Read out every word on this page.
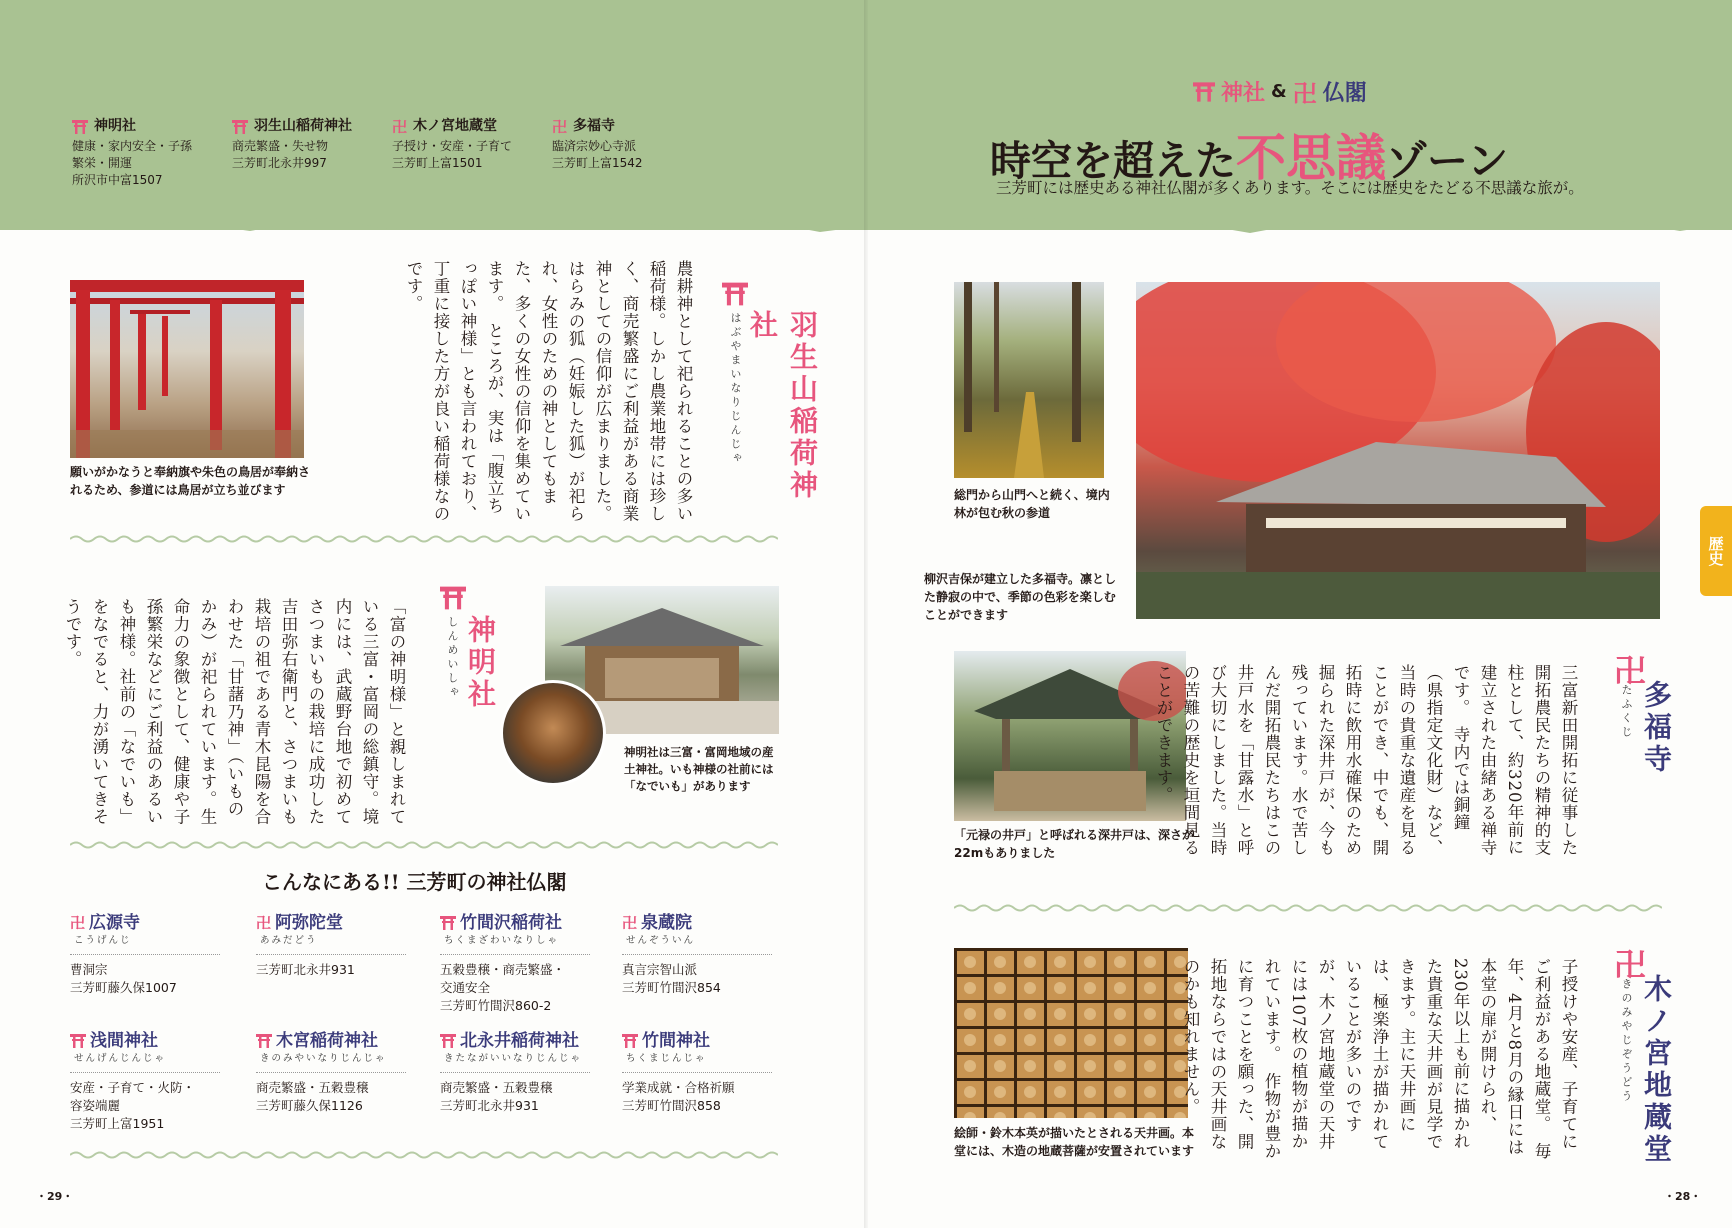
神社 & 卍 仏閣
時空を超えた不思議ゾーン
三芳町には歴史ある神社仏閣が多くあります。そこには歴史をたどる不思議な旅が。
神明社
健康・家内安全・子孫
繁栄・開運
所沢市中富1507
羽生山稲荷神社
商売繁盛・失せ物
三芳町北永井997
卍 木ノ宮地蔵堂
子授け・安産・子育て
三芳町上富1501
卍 多福寺
臨済宗妙心寺派
三芳町上富1542
歴史
願いがかなうと奉納旗や朱色の鳥居が奉納されるため、参道には鳥居が立ち並びます	農耕神として祀られることの多い稲荷様。しかし農業地帯には珍しく、商売繁盛にご利益がある商業神としての信仰が広まりました。はらみの狐（妊娠した狐）が祀られ、女性のための神としてもまた、多くの女性の信仰を集めています。　ところが、実は「腹立ちっぽい神様」とも言われており、丁重に接した方が良い稲荷様なのです。
羽生山稲荷神社
はぶやまいなりじんじゃ
「富の神明様」と親しまれている三富・富岡の総鎮守。境内には、武蔵野台地で初めてさつまいもの栽培に成功した吉田弥右衛門と、さつまいも栽培の祖である青木昆陽を合わせた「甘藷乃神」（いものかみ）が祀られています。生命力の象徴として、健康や子孫繁栄などにご利益のあるいも神様。社前の「なでいも」をなでると、力が湧いてきそうです。	神明社
しんめいしゃ
神明社は三富・富岡地域の産土神社。いも神様の社前には「なでいも」があります
こんなにある!! 三芳町の神社仏閣
卍 広源寺
こうげんじ
曹洞宗
三芳町藤久保1007
卍 阿弥陀堂
あみだどう
三芳町北永井931
竹間沢稲荷社
ちくまざわいなりしゃ
五穀豊穣・商売繁盛・
交通安全
三芳町竹間沢860-2
卍 泉蔵院
せんぞういん
真言宗智山派
三芳町竹間沢854
浅間神社
せんげんじんじゃ
安産・子育て・火防・
容姿端麗
三芳町上富1951
木宮稲荷神社
きのみやいなりじんじゃ
商売繁盛・五穀豊穣
三芳町藤久保1126
北永井稲荷神社
きたながいいなりじんじゃ
商売繁盛・五穀豊穣
三芳町北永井931
竹間神社
ちくまじんじゃ
学業成就・合格祈願
三芳町竹間沢858
・29・
総門から山門へと続く、境内林が包む秋の参道
柳沢吉保が建立した多福寺。凛とした静寂の中で、季節の色彩を楽しむことができます
「元禄の井戸」と呼ばれる深井戸は、深さが22mもありました	三富新田開拓に従事した開拓農民たちの精神的支柱として、約320年前に建立された由緒ある禅寺です。　寺内では銅鐘（県指定文化財）など、当時の貴重な遺産を見ることができ、中でも、開拓時に飲用水確保のため掘られた深井戸が、今も残っています。水で苦しんだ開拓農民たちはこの井戸水を「甘露水」と呼び大切にしました。当時の苦難の歴史を垣間見ることができます。	卍
多福寺
たふくじ
絵師・鈴木本英が描いたとされる天井画。本堂には、木造の地蔵菩薩が安置されています
子授けや安産、子育てにご利益がある地蔵堂。　毎年、4月と8月の縁日には本堂の扉が開けられ、230年以上も前に描かれた貴重な天井画が見学できます。主に天井画には、極楽浄土が描かれていることが多いのですが、木ノ宮地蔵堂の天井には107枚の植物が描かれています。　作物が豊かに育つことを願った、開拓地ならではの天井画なのかも知れません。	卍
木ノ宮地蔵堂
きのみやじぞうどう
・28・
